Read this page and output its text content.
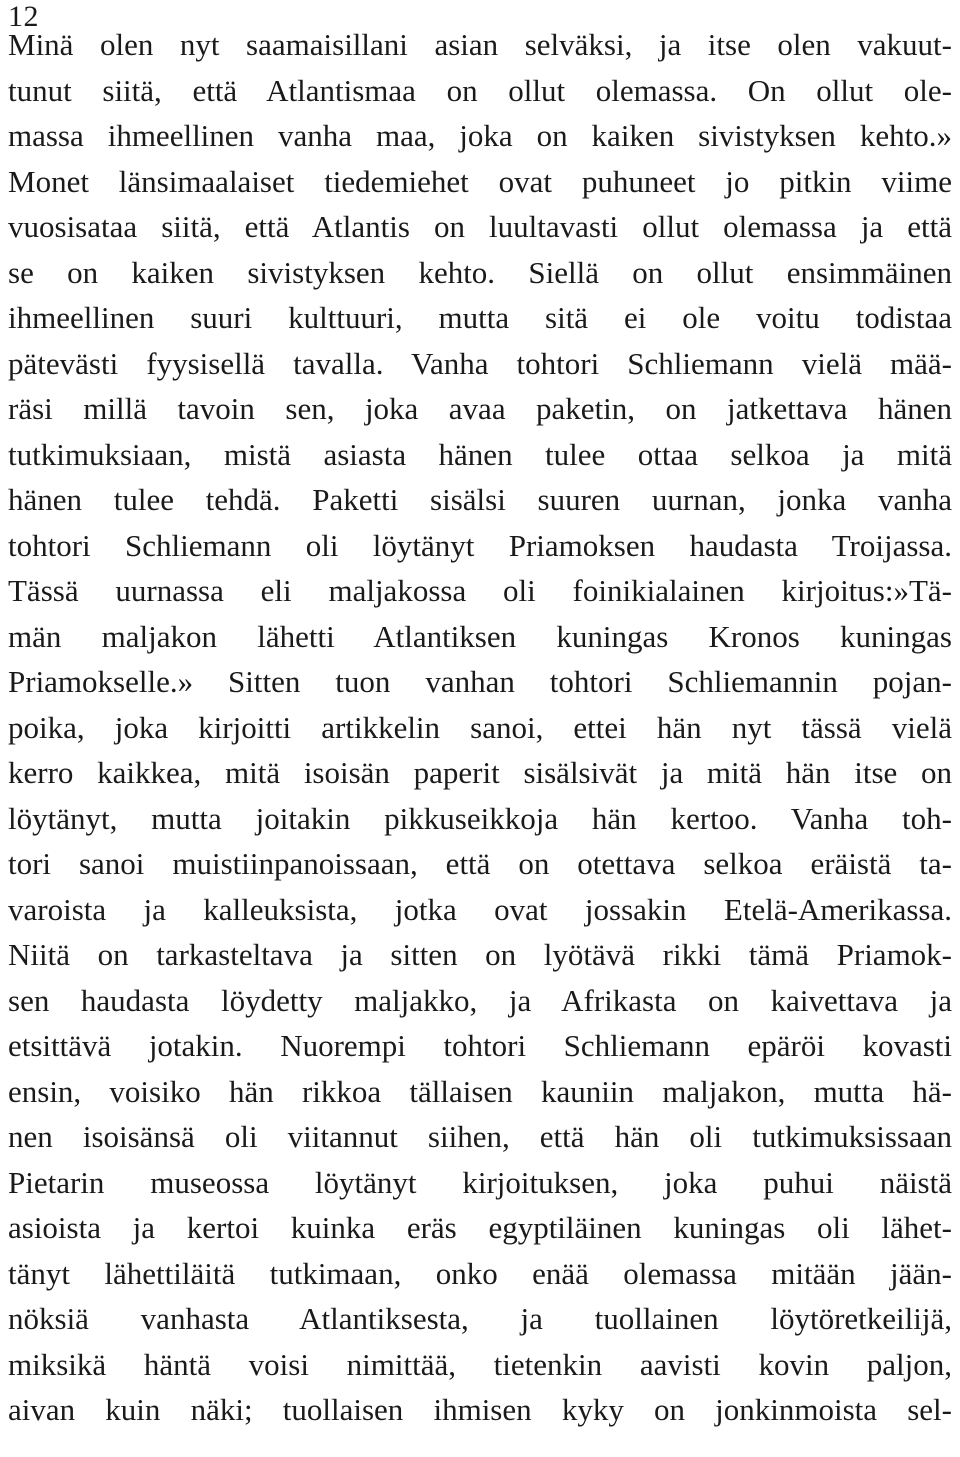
12
Minä olen nyt saamaisillani asian selväksi, ja itse olen vakuut-
tunut siitä, että Atlantismaa on ollut olemassa. On ollut ole-
massa ihmeellinen vanha maa, joka on kaiken sivistyksen kehto.»
Monet länsimaalaiset tiedemiehet ovat puhuneet jo pitkin viime
vuosisataa siitä, että Atlantis on luultavasti ollut olemassa ja että
se on kaiken sivistyksen kehto. Siellä on ollut ensimmäinen
ihmeellinen suuri kulttuuri, mutta sitä ei ole voitu todistaa
pätevästi fyysisellä tavalla. Vanha tohtori Schliemann vielä mää-
räsi millä tavoin sen, joka avaa paketin, on jatkettava hänen
tutkimuksiaan, mistä asiasta hänen tulee ottaa selkoa ja mitä
hänen tulee tehdä. Paketti sisälsi suuren uurnan, jonka vanha
tohtori Schliemann oli löytänyt Priamoksen haudasta Troijassa.
Tässä uurnassa eli maljakossa oli foinikialainen kirjoitus:»Tä-
män maljakon lähetti Atlantiksen kuningas Kronos kuningas
Priamokselle.» Sitten tuon vanhan tohtori Schliemannin pojan-
poika, joka kirjoitti artikkelin sanoi, ettei hän nyt tässä vielä
kerro kaikkea, mitä isoisän paperit sisälsivät ja mitä hän itse on
löytänyt, mutta joitakin pikkuseikkoja hän kertoo. Vanha toh-
tori sanoi muistiinpanoissaan, että on otettava selkoa eräistä ta-
varoista ja kalleuksista, jotka ovat jossakin Etelä-Amerikassa.
Niitä on tarkasteltava ja sitten on lyötävä rikki tämä Priamok-
sen haudasta löydetty maljakko, ja Afrikasta on kaivettava ja
etsittävä jotakin. Nuorempi tohtori Schliemann epäröi kovasti
ensin, voisiko hän rikkoa tällaisen kauniin maljakon, mutta hä-
nen isoisänsä oli viitannut siihen, että hän oli tutkimuksissaan
Pietarin museossa löytänyt kirjoituksen, joka puhui näistä
asioista ja kertoi kuinka eräs egyptiläinen kuningas oli lähet-
tänyt lähettiläitä tutkimaan, onko enää olemassa mitään jään-
nöksiä vanhasta Atlantiksesta, ja tuollainen löytöretkeilijä,
miksikä häntä voisi nimittää, tietenkin aavisti kovin paljon,
aivan kuin näki; tuollaisen ihmisen kyky on jonkinmoista sel-
